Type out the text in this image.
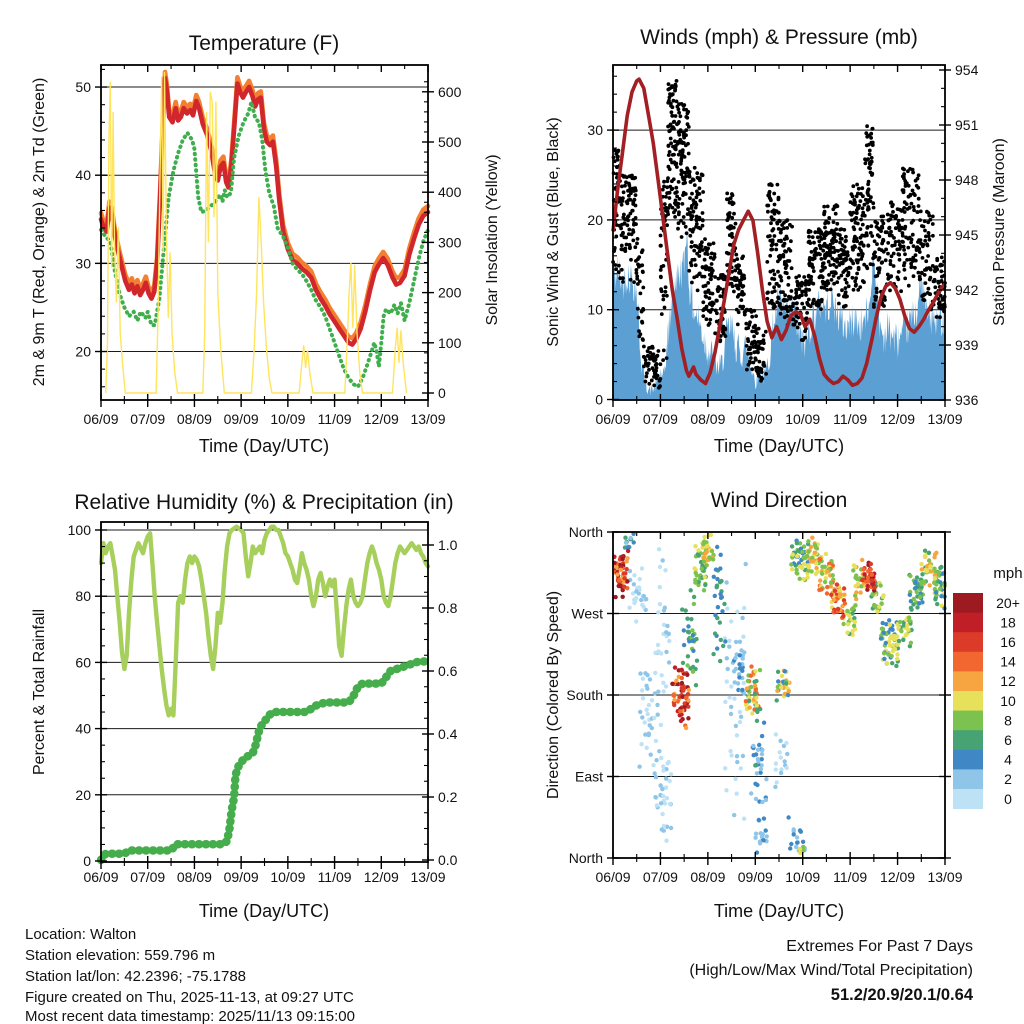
06/09 07/09 08/09 09/09 10/09 11/09 12/09 13/09
20
30
40
50
0
100
200
300
400
500
600
06/09 07/09 08/09 09/09 10/09 11/09 12/09 13/09
0
10
20
30
936
939
942
945
948
951
954
06/09 07/09 08/09 09/09 10/09 11/09 12/09 13/09
0
20
40
60
80
100
0.0
0.2
0.4
0.6
0.8
1.0
06/09 07/09 08/09 09/09 10/09 11/09 12/09 13/09
North
West
South
East
North
20+
18
16
14
12
10
8
6
4
2
0
Temperature (F)	Winds (mph) & Pressure (mb)
Relative Humidity (%) & Precipitation (in)	Wind Direction
Time (Day/UTC)	Time (Day/UTC)
Time (Day/UTC)	Time (Day/UTC)
2m & 9m T (Red, Orange) & 2m Td (Green)	Solar Insolation (Yellow)	Sonic Wind & Gust (Blue, Black)	Station Pressure (Maroon)
Percent & Total Rainfall	Direction (Colored By Speed)
mph
Location: Walton
Station elevation: 559.796 m
Station lat/lon: 42.2396; -75.1788
Figure created on Thu, 2025-11-13, at 09:27 UTC
Most recent data timestamp: 2025/11/13 09:15:00
Extremes For Past 7 Days
(High/Low/Max Wind/Total Precipitation)
51.2/20.9/20.1/0.64
